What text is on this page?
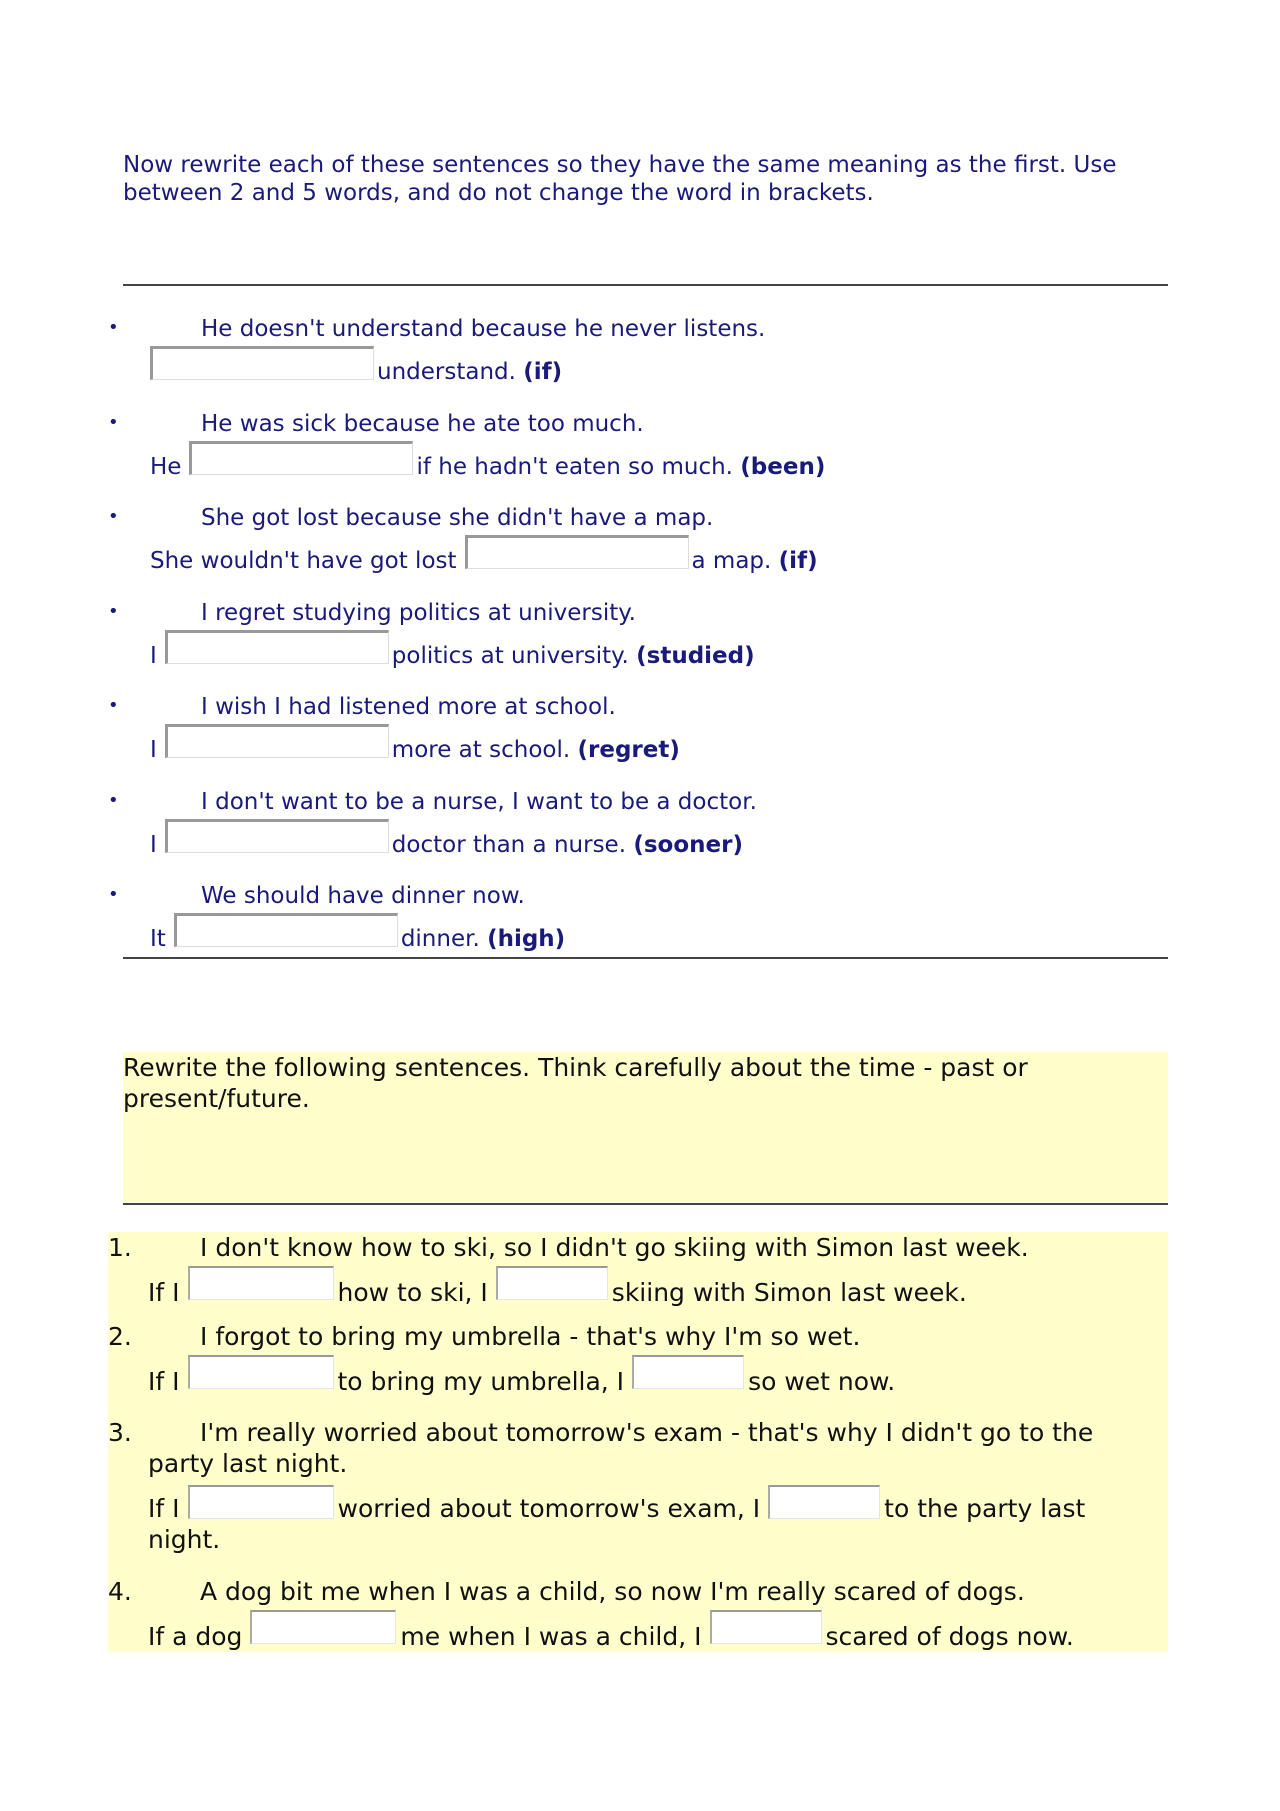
Now rewrite each of these sentences so they have the same meaning as the first. Use between 2 and 5 words, and do not change the word in brackets.
•	He doesn't understand because he never listens.
understand.
(if)
•	He was sick because he ate too much.
He	if he hadn't eaten so much.
(been)
•	She got lost because she didn't have a map.
She wouldn't have got lost	a map.
(if)
•	I regret studying politics at university.
I	politics at university.
(studied)
•	I wish I had listened more at school.
I	more at school.
(regret)
•	I don't want to be a nurse, I want to be a doctor.
I	doctor than a nurse.
(sooner)
•	We should have dinner now.
It	dinner.
(high)
Rewrite the following sentences. Think carefully about the time - past or present/future.
1.	I don't know how to ski, so I didn't go skiing with Simon last week.
If I	how to ski, I	skiing with Simon last week.
2.	I forgot to bring my umbrella - that's why I'm so wet.
If I	to bring my umbrella, I	so wet now.
3.	I'm really worried about tomorrow's exam - that's why I didn't go to the party last night.
If I	worried about tomorrow's exam, I	to the party last night.
4.	A dog bit me when I was a child, so now I'm really scared of dogs.
If a dog	me when I was a child, I	scared of dogs now.
